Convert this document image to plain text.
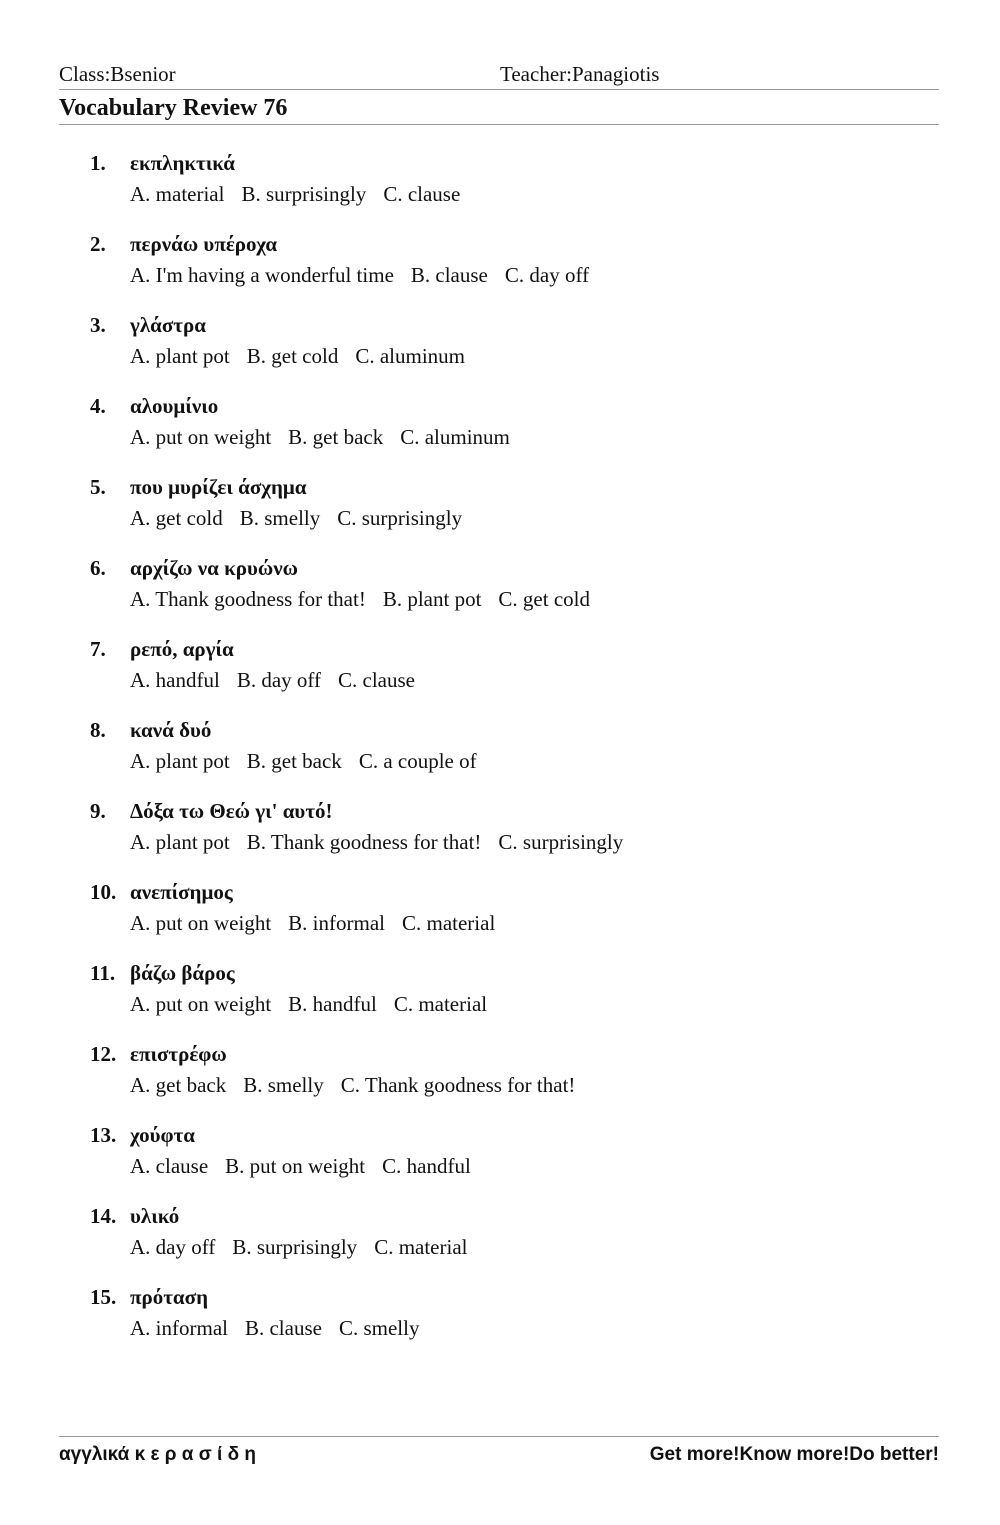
Class:Bsenior	Teacher:Panagiotis
Vocabulary Review 76
1. εκπληκτικά
A. material B. surprisingly C. clause
2. περνάω υπέροχα
A. I'm having a wonderful time B. clause C. day off
3. γλάστρα
A. plant pot B. get cold C. aluminum
4. αλουμίνιο
A. put on weight B. get back C. aluminum
5. που μυρίζει άσχημα
A. get cold B. smelly C. surprisingly
6. αρχίζω να κρυώνω
A. Thank goodness for that! B. plant pot C. get cold
7. ρεπό, αργία
A. handful B. day off C. clause
8. κανά δυό
A. plant pot B. get back C. a couple of
9. Δόξα τω Θεώ γι' αυτό!
A. plant pot B. Thank goodness for that! C. surprisingly
10. ανεπίσημος
A. put on weight B. informal C. material
11. βάζω βάρος
A. put on weight B. handful C. material
12. επιστρέφω
A. get back B. smelly C. Thank goodness for that!
13. χούφτα
A. clause B. put on weight C. handful
14. υλικό
A. day off B. surprisingly C. material
15. πρόταση
A. informal B. clause C. smelly
αγγλικά κ ε ρ α σ ί δ η	Get more!Know more!Do better!
